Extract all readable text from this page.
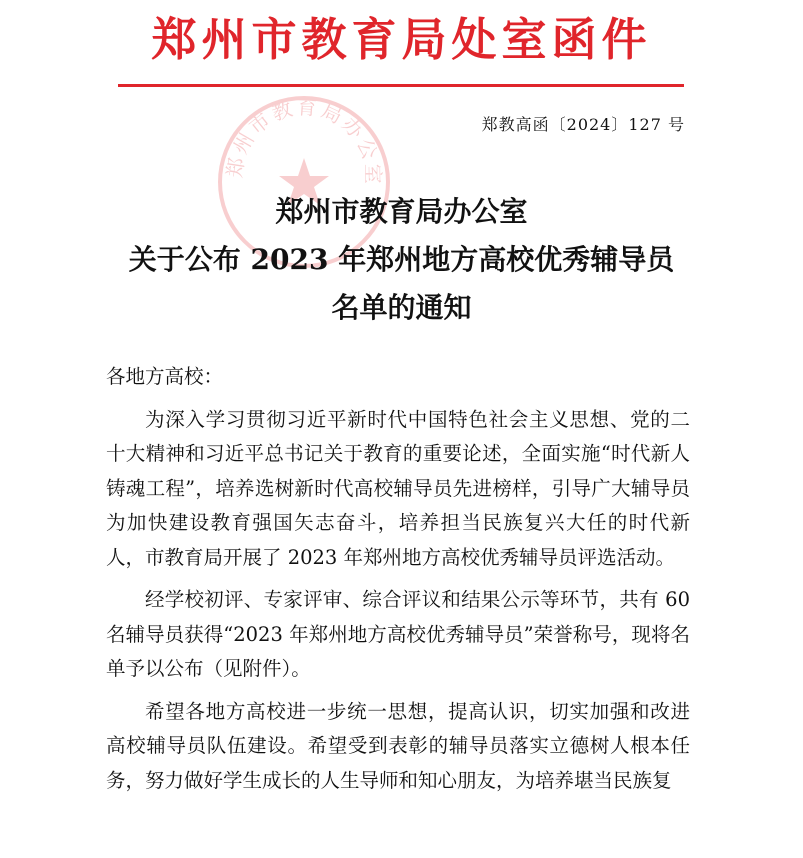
郑州市教育局处室函件
郑教高函〔2024〕127 号
郑州市教育局办公室
郑州市教育局办公室
关于公布 2023 年郑州地方高校优秀辅导员
名单的通知

各地方高校：

为深入学习贯彻习近平新时代中国特色社会主义思想、党的二十大精神和习近平总书记关于教育的重要论述，全面实施“时代新人铸魂工程”，培养选树新时代高校辅导员先进榜样，引导广大辅导员为加快建设教育强国矢志奋斗，培养担当民族复兴大任的时代新人，市教育局开展了 2023 年郑州地方高校优秀辅导员评选活动。

经学校初评、专家评审、综合评议和结果公示等环节，共有 60 名辅导员获得“2023 年郑州地方高校优秀辅导员”荣誉称号，现将名单予以公布（见附件）。

希望各地方高校进一步统一思想，提高认识，切实加强和改进高校辅导员队伍建设。希望受到表彰的辅导员落实立德树人根本任务，努力做好学生成长的人生导师和知心朋友，为培养堪当民族复
